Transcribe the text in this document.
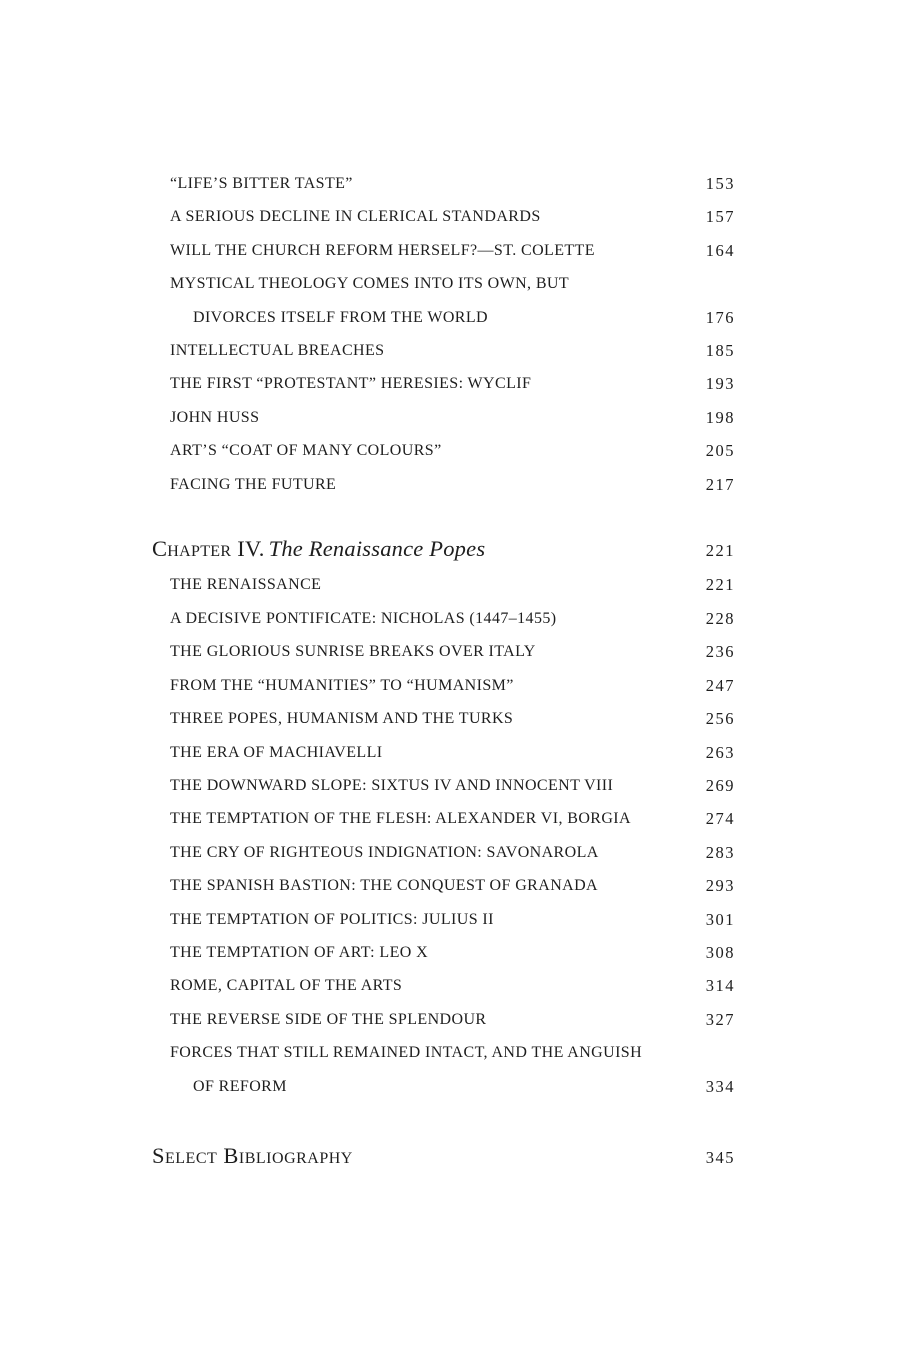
“LIFE’S BITTER TASTE”	153
A SERIOUS DECLINE IN CLERICAL STANDARDS	157
WILL THE CHURCH REFORM HERSELF?—ST. COLETTE	164
MYSTICAL THEOLOGY COMES INTO ITS OWN, BUT
DIVORCES ITSELF FROM THE WORLD	176
INTELLECTUAL BREACHES	185
THE FIRST “PROTESTANT” HERESIES: WYCLIF	193
JOHN HUSS	198
ART’S “COAT OF MANY COLOURS”	205
FACING THE FUTURE	217
Chapter IV. The Renaissance Popes	221
THE RENAISSANCE	221
A DECISIVE PONTIFICATE: NICHOLAS (1447–1455)	228
THE GLORIOUS SUNRISE BREAKS OVER ITALY	236
FROM THE “HUMANITIES” TO “HUMANISM”	247
THREE POPES, HUMANISM AND THE TURKS	256
THE ERA OF MACHIAVELLI	263
THE DOWNWARD SLOPE: SIXTUS IV AND INNOCENT VIII	269
THE TEMPTATION OF THE FLESH: ALEXANDER VI, BORGIA	274
THE CRY OF RIGHTEOUS INDIGNATION: SAVONAROLA	283
THE SPANISH BASTION: THE CONQUEST OF GRANADA	293
THE TEMPTATION OF POLITICS: JULIUS II	301
THE TEMPTATION OF ART: LEO X	308
ROME, CAPITAL OF THE ARTS	314
THE REVERSE SIDE OF THE SPLENDOUR	327
FORCES THAT STILL REMAINED INTACT, AND THE ANGUISH
OF REFORM	334
Select Bibliography	345
